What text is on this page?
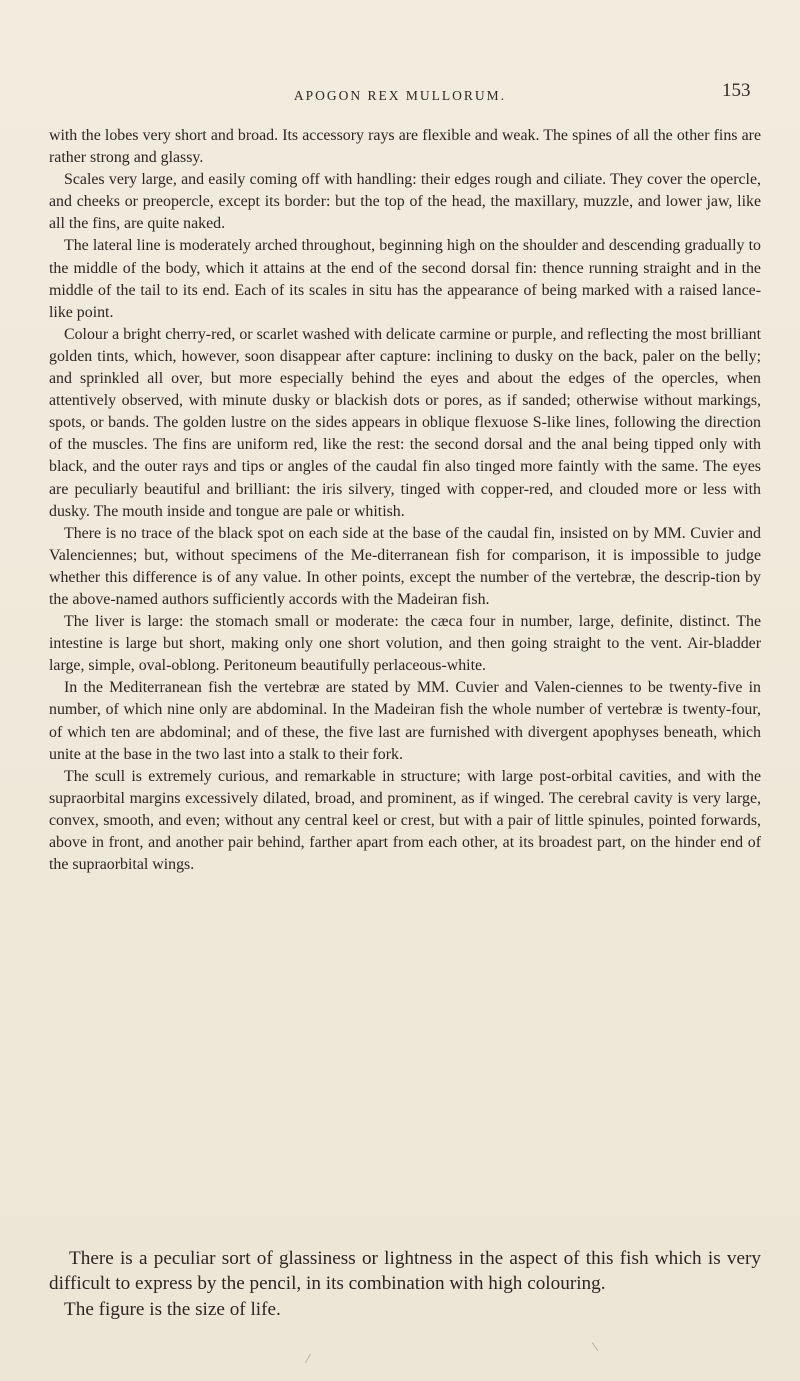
APOGON REX MULLORUM.	153

with the lobes very short and broad. Its accessory rays are flexible and weak. The spines of all the other fins are rather strong and glassy.

Scales very large, and easily coming off with handling: their edges rough and ciliate. They cover the opercle, and cheeks or preopercle, except its border: but the top of the head, the maxillary, muzzle, and lower jaw, like all the fins, are quite naked.

The lateral line is moderately arched throughout, beginning high on the shoulder and descending gradually to the middle of the body, which it attains at the end of the second dorsal fin: thence running straight and in the middle of the tail to its end. Each of its scales in situ has the appearance of being marked with a raised lance-like point.

Colour a bright cherry-red, or scarlet washed with delicate carmine or purple, and reflecting the most brilliant golden tints, which, however, soon disappear after capture: inclining to dusky on the back, paler on the belly; and sprinkled all over, but more especially behind the eyes and about the edges of the opercles, when attentively observed, with minute dusky or blackish dots or pores, as if sanded; otherwise without markings, spots, or bands. The golden lustre on the sides appears in oblique flexuose S-like lines, following the direction of the muscles. The fins are uniform red, like the rest: the second dorsal and the anal being tipped only with black, and the outer rays and tips or angles of the caudal fin also tinged more faintly with the same. The eyes are peculiarly beautiful and brilliant: the iris silvery, tinged with copper-red, and clouded more or less with dusky. The mouth inside and tongue are pale or whitish.

There is no trace of the black spot on each side at the base of the caudal fin, insisted on by MM. Cuvier and Valenciennes; but, without specimens of the Me-diterranean fish for comparison, it is impossible to judge whether this difference is of any value. In other points, except the number of the vertebræ, the descrip-tion by the above-named authors sufficiently accords with the Madeiran fish.

The liver is large: the stomach small or moderate: the cæca four in number, large, definite, distinct. The intestine is large but short, making only one short volution, and then going straight to the vent. Air-bladder large, simple, oval-oblong. Peritoneum beautifully perlaceous-white.

In the Mediterranean fish the vertebræ are stated by MM. Cuvier and Valen-ciennes to be twenty-five in number, of which nine only are abdominal. In the Madeiran fish the whole number of vertebræ is twenty-four, of which ten are abdominal; and of these, the five last are furnished with divergent apophyses beneath, which unite at the base in the two last into a stalk to their fork.

The scull is extremely curious, and remarkable in structure; with large post-orbital cavities, and with the supraorbital margins excessively dilated, broad, and prominent, as if winged. The cerebral cavity is very large, convex, smooth, and even; without any central keel or crest, but with a pair of little spinules, pointed forwards, above in front, and another pair behind, farther apart from each other, at its broadest part, on the hinder end of the supraorbital wings.

There is a peculiar sort of glassiness or lightness in the aspect of this fish which is very difficult to express by the pencil, in its combination with high colouring.

The figure is the size of life.
